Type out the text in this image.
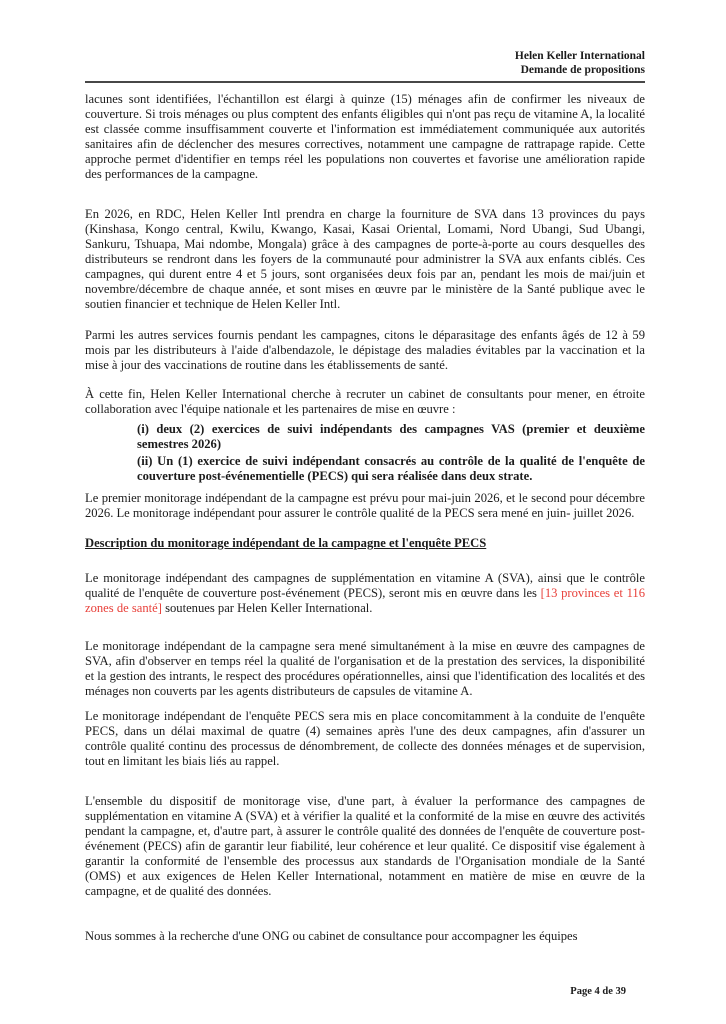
Helen Keller International
Demande de propositions

lacunes sont identifiées, l'échantillon est élargi à quinze (15) ménages afin de confirmer les niveaux de couverture. Si trois ménages ou plus comptent des enfants éligibles qui n'ont pas reçu de vitamine A, la localité est classée comme insuffisamment couverte et l'information est immédiatement communiquée aux autorités sanitaires afin de déclencher des mesures correctives, notamment une campagne de rattrapage rapide. Cette approche permet d'identifier en temps réel les populations non couvertes et favorise une amélioration rapide des performances de la campagne.

En 2026, en RDC, Helen Keller Intl prendra en charge la fourniture de SVA dans 13 provinces du pays (Kinshasa, Kongo central, Kwilu, Kwango, Kasai, Kasai Oriental, Lomami, Nord Ubangi, Sud Ubangi, Sankuru, Tshuapa, Mai ndombe, Mongala) grâce à des campagnes de porte-à-porte au cours desquelles des distributeurs se rendront dans les foyers de la communauté pour administrer la SVA aux enfants ciblés. Ces campagnes, qui durent entre 4 et 5 jours, sont organisées deux fois par an, pendant les mois de mai/juin et novembre/décembre de chaque année, et sont mises en œuvre par le ministère de la Santé publique avec le soutien financier et technique de Helen Keller Intl.

Parmi les autres services fournis pendant les campagnes, citons le déparasitage des enfants âgés de 12 à 59 mois par les distributeurs à l'aide d'albendazole, le dépistage des maladies évitables par la vaccination et la mise à jour des vaccinations de routine dans les établissements de santé.

À cette fin, Helen Keller International cherche à recruter un cabinet de consultants pour mener, en étroite collaboration avec l'équipe nationale et les partenaires de mise en œuvre :

(i) deux (2) exercices de suivi indépendants des campagnes VAS (premier et deuxième semestres 2026)

(ii) Un (1) exercice de suivi indépendant consacrés au contrôle de la qualité de l'enquête de couverture post-événementielle (PECS) qui sera réalisée dans deux strate.

Le premier monitorage indépendant de la campagne est prévu pour mai-juin 2026, et le second pour décembre 2026. Le monitorage indépendant pour assurer le contrôle qualité de la PECS sera mené en juin- juillet 2026.

Description du monitorage indépendant de la campagne et l'enquête PECS

Le monitorage indépendant des campagnes de supplémentation en vitamine A (SVA), ainsi que le contrôle qualité de l'enquête de couverture post-événement (PECS), seront mis en œuvre dans les [13 provinces et 116 zones de santé] soutenues par Helen Keller International.

Le monitorage indépendant de la campagne sera mené simultanément à la mise en œuvre des campagnes de SVA, afin d'observer en temps réel la qualité de l'organisation et de la prestation des services, la disponibilité et la gestion des intrants, le respect des procédures opérationnelles, ainsi que l'identification des localités et des ménages non couverts par les agents distributeurs de capsules de vitamine A.

Le monitorage indépendant de l'enquête PECS sera mis en place concomitamment à la conduite de l'enquête PECS, dans un délai maximal de quatre (4) semaines après l'une des deux campagnes, afin d'assurer un contrôle qualité continu des processus de dénombrement, de collecte des données ménages et de supervision, tout en limitant les biais liés au rappel.

L'ensemble du dispositif de monitorage vise, d'une part, à évaluer la performance des campagnes de supplémentation en vitamine A (SVA) et à vérifier la qualité et la conformité de la mise en œuvre des activités pendant la campagne, et, d'autre part, à assurer le contrôle qualité des données de l'enquête de couverture post-événement (PECS) afin de garantir leur fiabilité, leur cohérence et leur qualité. Ce dispositif vise également à garantir la conformité de l'ensemble des processus aux standards de l'Organisation mondiale de la Santé (OMS) et aux exigences de Helen Keller International, notamment en matière de mise en œuvre de la campagne, et de qualité des données.

Nous sommes à la recherche d'une ONG ou cabinet de consultance pour accompagner les équipes

Page 4 de 39
